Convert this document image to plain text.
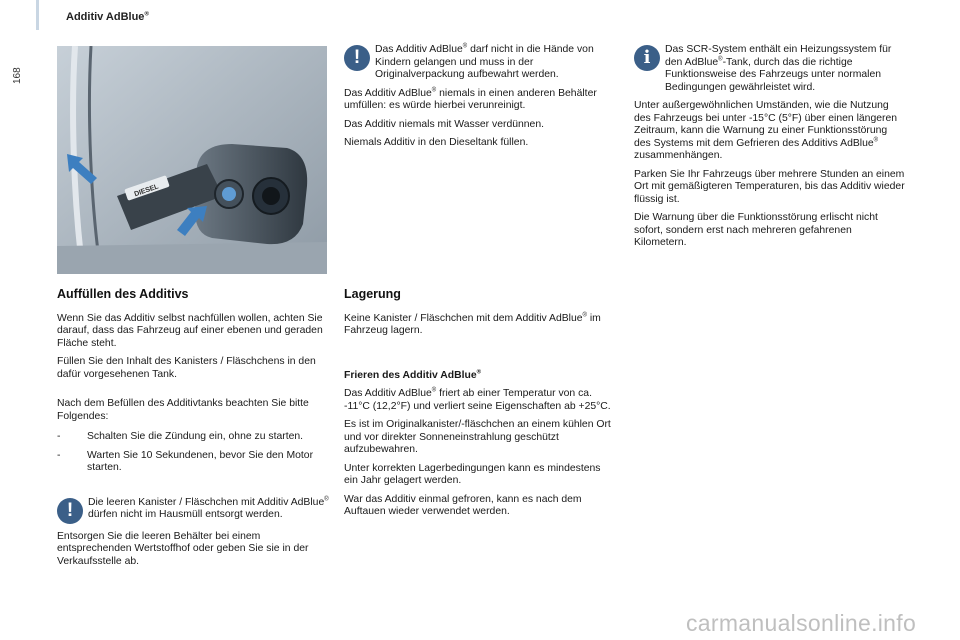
168
Additiv AdBlue®
DIESEL
Auffüllen des Additivs

Wenn Sie das Additiv selbst nachfüllen wollen, achten Sie darauf, dass das Fahrzeug auf einer ebenen und geraden Fläche steht.

Füllen Sie den Inhalt des Kanisters / Fläschchens in den dafür vorgesehenen Tank.

Nach dem Befüllen des Additivtanks beachten Sie bitte Folgendes:

-	Schalten Sie die Zündung ein, ohne zu starten.
-	Warten Sie 10 Sekundenen, bevor Sie den Motor starten.
!	Die leeren Kanister / Fläschchen mit Additiv AdBlue® dürfen nicht im Hausmüll entsorgt werden.

Entsorgen Sie die leeren Behälter bei einem entsprechenden Wertstoffhof oder geben Sie sie in der Verkaufsstelle ab.

!	Das Additiv AdBlue® darf nicht in die Hände von Kindern gelangen und muss in der Originalverpackung aufbewahrt werden.

Das Additiv AdBlue® niemals in einen anderen Behälter umfüllen: es würde hierbei verunreinigt.

Das Additiv niemals mit Wasser verdünnen.

Niemals Additiv in den Dieseltank füllen.

Lagerung

Keine Kanister / Fläschchen mit dem Additiv AdBlue® im Fahrzeug lagern.

Frieren des Additiv AdBlue®

Das Additiv AdBlue® friert ab einer Temperatur von ca. -11°C (12,2°F) und verliert seine Eigenschaften ab +25°C.

Es ist im Originalkanister/-fläschchen an einem kühlen Ort und vor direkter Sonneneinstrahlung geschützt aufzubewahren.

Unter korrekten Lagerbedingungen kann es mindestens ein Jahr gelagert werden.

War das Additiv einmal gefroren, kann es nach dem Auftauen wieder verwendet werden.

i	Das SCR-System enthält ein Heizungssystem für den AdBlue®-Tank, durch das die richtige Funktionsweise des Fahrzeugs unter normalen Bedingungen gewährleistet wird.

Unter außergewöhnlichen Umständen, wie die Nutzung des Fahrzeugs bei unter -15°C (5°F) über einen längeren Zeitraum, kann die Warnung zu einer Funktionsstörung des Systems mit dem Gefrieren des Additivs AdBlue® zusammenhängen.

Parken Sie Ihr Fahrzeugs über mehrere Stunden an einem Ort mit gemäßigteren Temperaturen, bis das Additiv wieder flüssig ist.

Die Warnung über die Funktionsstörung erlischt nicht sofort, sondern erst nach mehreren gefahrenen Kilometern.

carmanualsonline.info
